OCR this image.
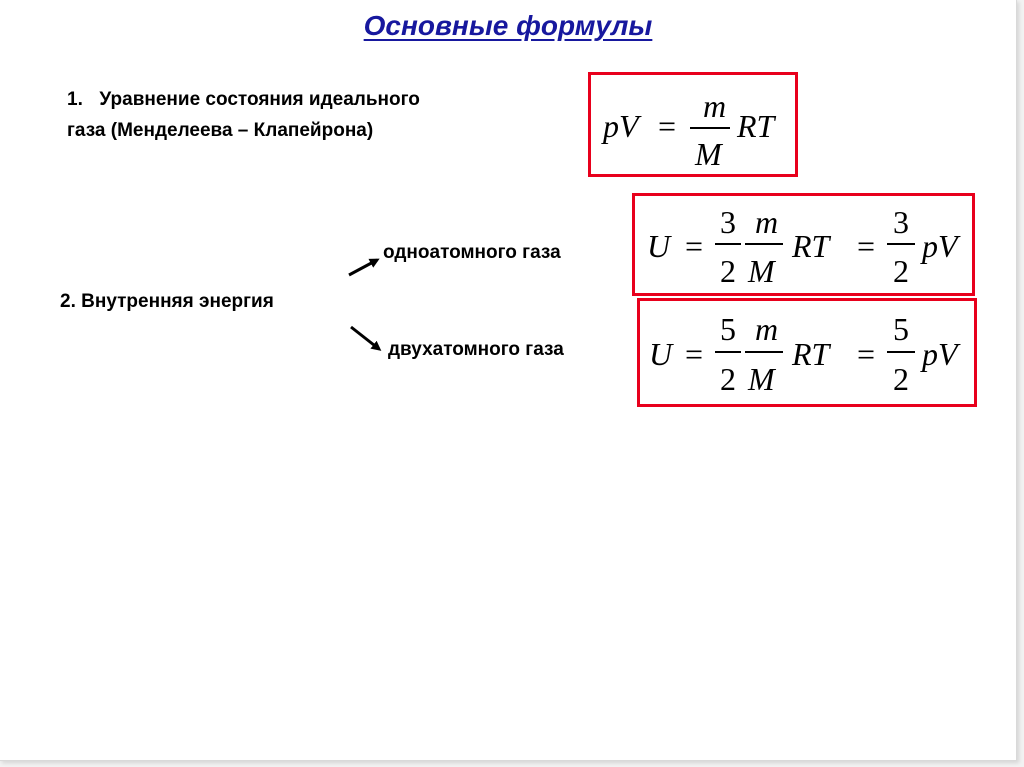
Основные формулы
1. Уравнение состояния идеального
газа (Менделеева – Клапейрона)	pV =
m
M
RT
2. Внутренняя энергия
одноатомного газа
двухатомного газа
U =
3
2
m
M
RT =
3
2
pV
U =
5
2
m
M
RT =
5
2
pV
